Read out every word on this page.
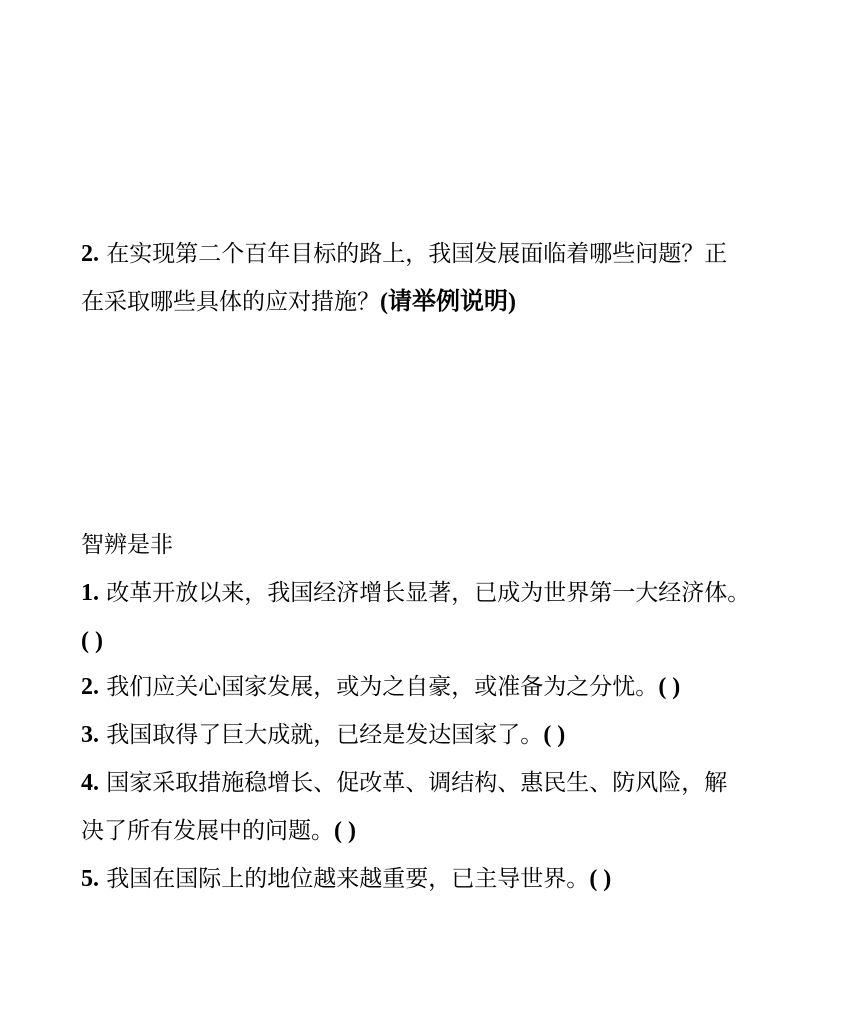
2. 在实现第二个百年目标的路上，我国发展面临着哪些问题？正
在采取哪些具体的应对措施？(请举例说明)
智辨是非
1. 改革开放以来，我国经济增长显著，已成为世界第一大经济体。
( )
2. 我们应关心国家发展，或为之自豪，或准备为之分忧。( )
3. 我国取得了巨大成就，已经是发达国家了。( )
4. 国家采取措施稳增长、促改革、调结构、惠民生、防风险，解
决了所有发展中的问题。( )
5. 我国在国际上的地位越来越重要，已主导世界。( )
